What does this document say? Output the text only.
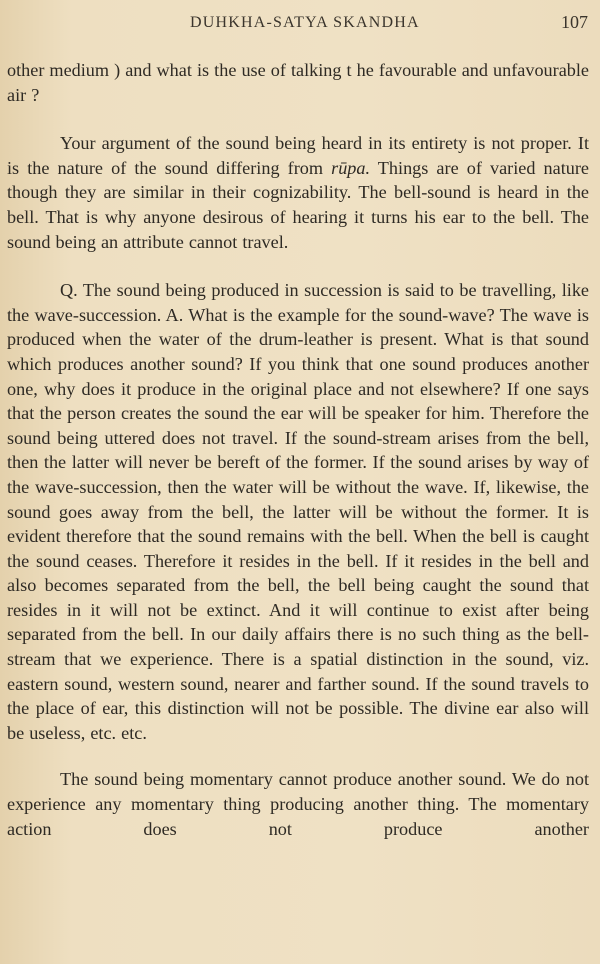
DUHKHA-SATYA SKANDHA	107

other medium ) and what is the use of talking t he favourable and unfavourable air ?

Your argument of the sound being heard in its entirety is not proper. It is the nature of the sound differing from rūpa. Things are of varied nature though they are similar in their cognizability. The bell-sound is heard in the bell. That is why anyone desirous of hearing it turns his ear to the bell. The sound being an attribute cannot travel.

Q. The sound being produced in succession is said to be travelling, like the wave-succession. A. What is the example for the sound-wave? The wave is produced when the water of the drum-leather is present. What is that sound which produces another sound? If you think that one sound produces another one, why does it produce in the original place and not elsewhere? If one says that the person creates the sound the ear will be speaker for him. Therefore the sound being uttered does not travel. If the sound-stream arises from the bell, then the latter will never be bereft of the former. If the sound arises by way of the wave-succession, then the water will be without the wave. If, likewise, the sound goes away from the bell, the latter will be without the former. It is evident therefore that the sound remains with the bell. When the bell is caught the sound ceases. Therefore it resides in the bell. If it resides in the bell and also becomes separated from the bell, the bell being caught the sound that resides in it will not be extinct. And it will continue to exist after being separated from the bell. In our daily affairs there is no such thing as the bell-stream that we experience. There is a spatial distinction in the sound, viz. eastern sound, western sound, nearer and farther sound. If the sound travels to the place of ear, this distinction will not be possible. The divine ear also will be useless, etc. etc.

The sound being momentary cannot produce another sound. We do not experience any momentary thing producing another thing. The momentary action does not produce another
